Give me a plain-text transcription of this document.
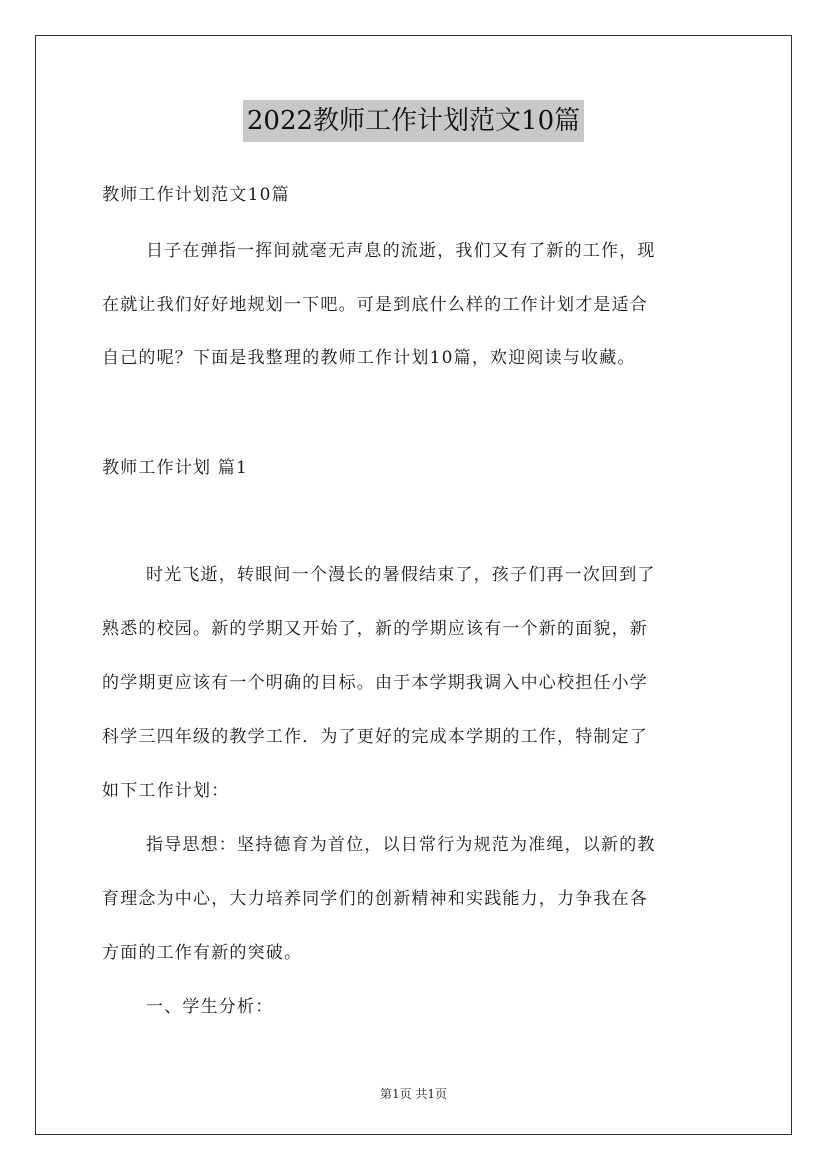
2022教师工作计划范文10篇
教师工作计划范文10篇
日子在弹指一挥间就毫无声息的流逝，我们又有了新的工作，现
在就让我们好好地规划一下吧。可是到底什么样的工作计划才是适合
自己的呢？下面是我整理的教师工作计划10篇，欢迎阅读与收藏。
教师工作计划 篇1
时光飞逝，转眼间一个漫长的暑假结束了，孩子们再一次回到了
熟悉的校园。新的学期又开始了，新的学期应该有一个新的面貌，新
的学期更应该有一个明确的目标。由于本学期我调入中心校担任小学
科学三四年级的教学工作．为了更好的完成本学期的工作，特制定了
如下工作计划：
指导思想：坚持德育为首位，以日常行为规范为准绳，以新的教
育理念为中心，大力培养同学们的创新精神和实践能力，力争我在各
方面的工作有新的突破。
一、学生分析：
第1页 共1页
